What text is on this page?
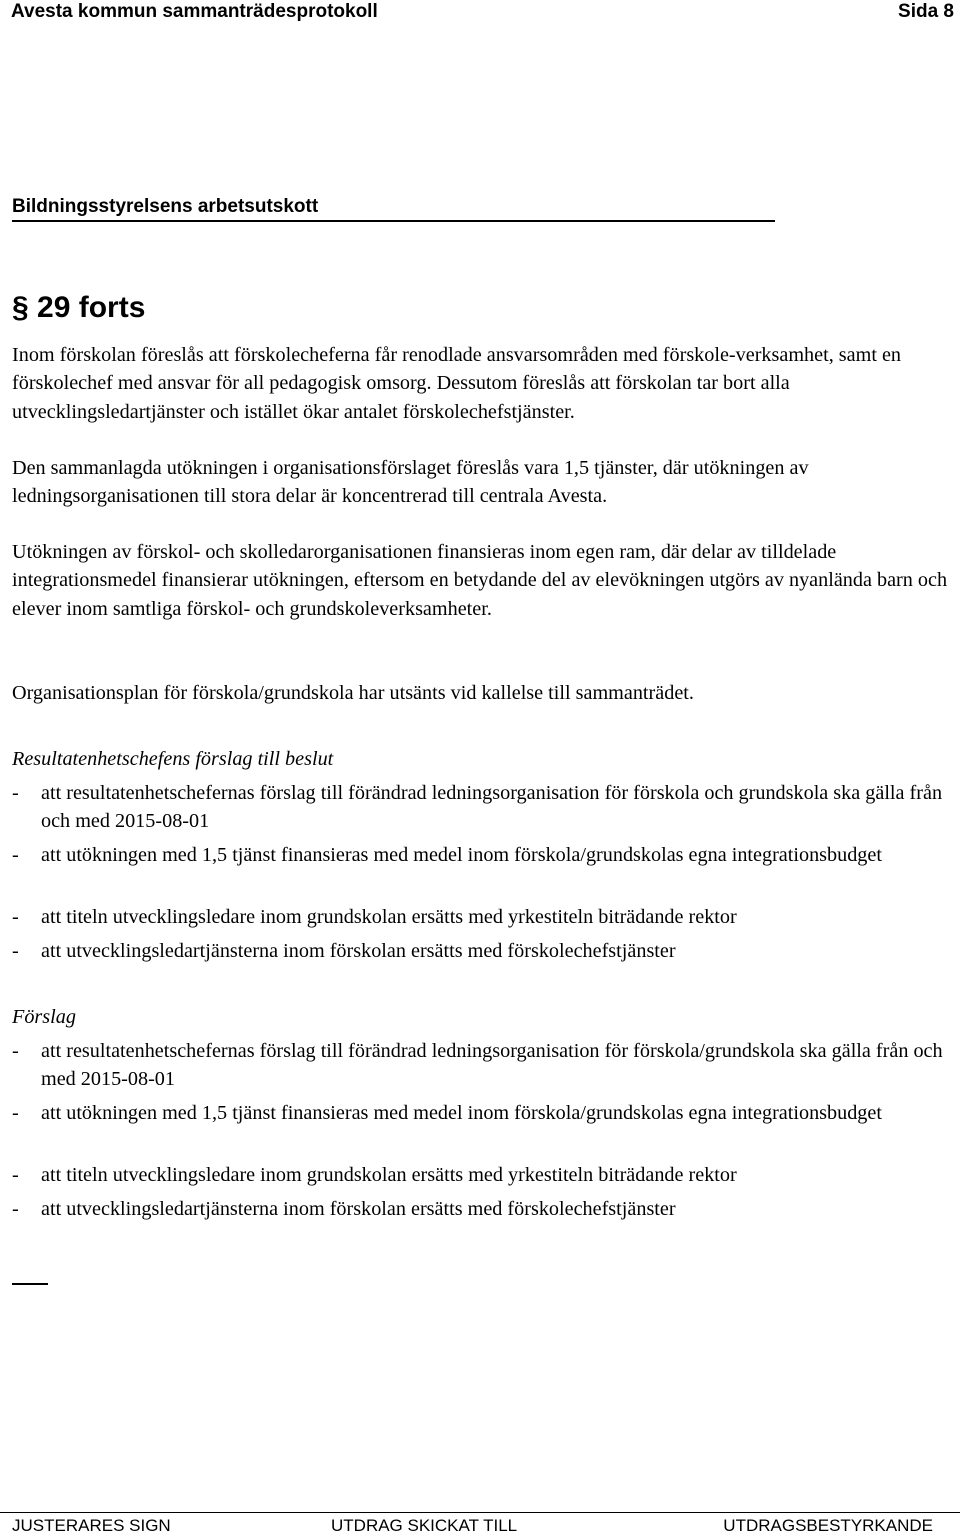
Avesta kommun sammanträdesprotokoll	Sida 8
Bildningsstyrelsens arbetsutskott
§ 29 forts

Inom förskolan föreslås att förskolecheferna får renodlade ansvarsområden med förskole-verksamhet, samt en förskolechef med ansvar för all pedagogisk omsorg. Dessutom föreslås att förskolan tar bort alla utvecklingsledartjänster och istället ökar antalet förskolechefstjänster.

Den sammanlagda utökningen i organisationsförslaget föreslås vara 1,5 tjänster, där utökningen av ledningsorganisationen till stora delar är koncentrerad till centrala Avesta.

Utökningen av förskol- och skolledarorganisationen finansieras inom egen ram, där delar av tilldelade integrationsmedel finansierar utökningen, eftersom en betydande del av elevökningen utgörs av nyanlända barn och elever inom samtliga förskol- och grundskoleverksamheter.

Organisationsplan för förskola/grundskola har utsänts vid kallelse till sammanträdet.

Resultatenhetschefens förslag till beslut
-	att resultatenhetschefernas förslag till förändrad ledningsorganisation för förskola och grundskola ska gälla från och med 2015-08-01
-	att utökningen med 1,5 tjänst finansieras med medel inom förskola/grundskolas egna integrationsbudget
-	att titeln utvecklingsledare inom grundskolan ersätts med yrkestiteln biträdande rektor
-	att utvecklingsledartjänsterna inom förskolan ersätts med förskolechefstjänster
Förslag
-	att resultatenhetschefernas förslag till förändrad ledningsorganisation för förskola/grundskola ska gälla från och med 2015-08-01
-	att utökningen med 1,5 tjänst finansieras med medel inom förskola/grundskolas egna integrationsbudget
-	att titeln utvecklingsledare inom grundskolan ersätts med yrkestiteln biträdande rektor
-	att utvecklingsledartjänsterna inom förskolan ersätts med förskolechefstjänster
JUSTERARES SIGN	UTDRAG SKICKAT TILL	UTDRAGSBESTYRKANDE
